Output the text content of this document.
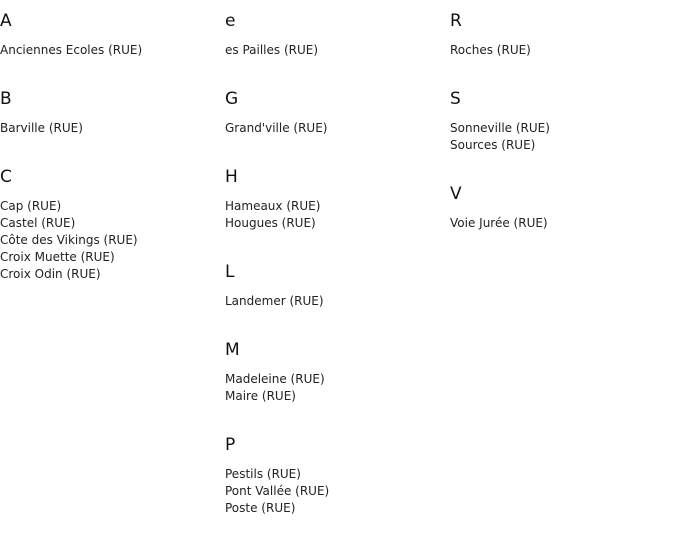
A
Anciennes Ecoles (RUE)
B
Barville (RUE)
C
Cap (RUE)
Castel (RUE)
Côte des Vikings (RUE)
Croix Muette (RUE)
Croix Odin (RUE)
e
es Pailles (RUE)
G
Grand'ville (RUE)
H
Hameaux (RUE)
Hougues (RUE)
L
Landemer (RUE)
M
Madeleine (RUE)
Maire (RUE)
P
Pestils (RUE)
Pont Vallée (RUE)
Poste (RUE)
R
Roches (RUE)
S
Sonneville (RUE)
Sources (RUE)
V
Voie Jurée (RUE)
